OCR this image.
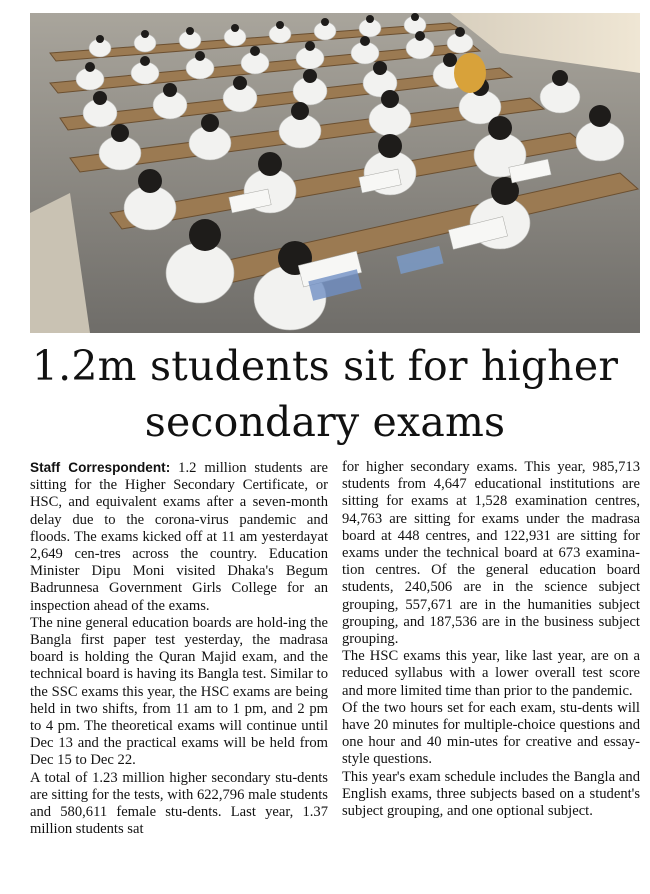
1.2m students sit for higher
secondary exams

Staff Correspondent: 1.2 million students are sitting for the Higher Secondary Certificate, or HSC, and equivalent exams after a seven-month delay due to the corona-virus pandemic and floods. The exams kicked off at 11 am yesterdayat 2,649 cen-tres across the country. Education Minister Dipu Moni visited Dhaka's Begum Badrunnesa Government Girls College for an inspection ahead of the exams.

The nine general education boards are hold-ing the Bangla first paper test yesterday, the madrasa board is holding the Quran Majid exam, and the technical board is having its Bangla test. Similar to the SSC exams this year, the HSC exams are being held in two shifts, from 11 am to 1 pm, and 2 pm to 4 pm. The theoretical exams will continue until Dec 13 and the practical exams will be held from Dec 15 to Dec 22.

A total of 1.23 million higher secondary stu-dents are sitting for the tests, with 622,796 male students and 580,611 female stu-dents. Last year, 1.37 million students sat

for higher secondary exams. This year, 985,713 students from 4,647 educational institutions are sitting for exams at 1,528 examination centres, 94,763 are sitting for exams under the madrasa board at 448 centres, and 122,931 are sitting for exams under the technical board at 673 examina-tion centres. Of the general education board students, 240,506 are in the science subject grouping, 557,671 are in the humanities subject grouping, and 187,536 are in the business subject grouping.

The HSC exams this year, like last year, are on a reduced syllabus with a lower overall test score and more limited time than prior to the pandemic.

Of the two hours set for each exam, stu-dents will have 20 minutes for multiple-choice questions and one hour and 40 min-utes for creative and essay-style questions.

This year's exam schedule includes the Bangla and English exams, three subjects based on a student's subject grouping, and one optional subject.
